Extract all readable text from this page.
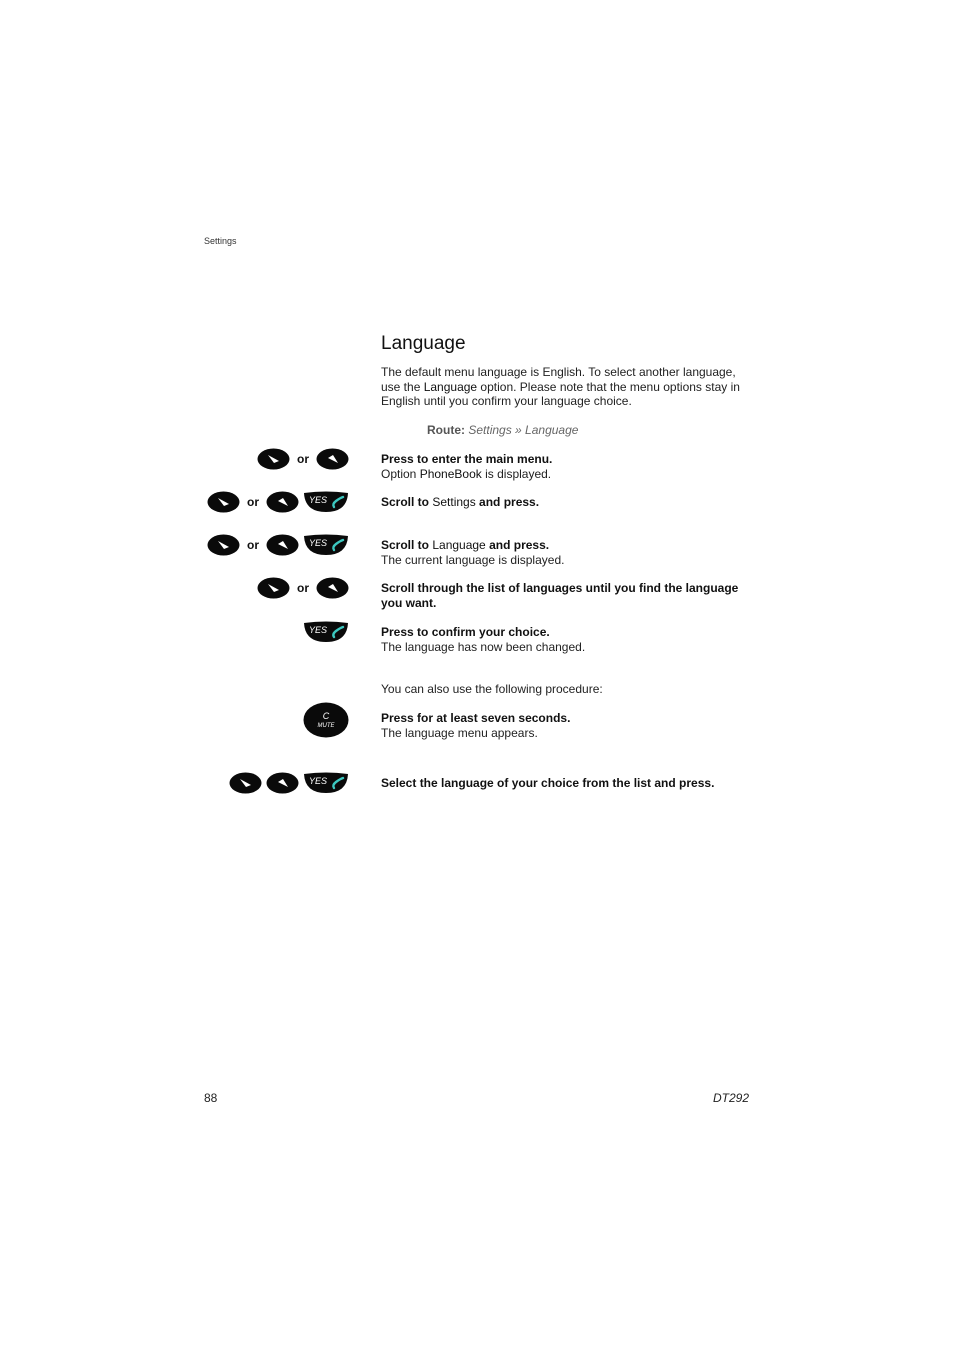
Settings
Language
The default menu language is English. To select another language, use the Language option. Please note that the menu options stay in English until you confirm your language choice.
Route: Settings » Language
or	Press to enter the main menu.
Option PhoneBook is displayed.
or	YES	Scroll to Settings and press.
or	YES	Scroll to Language and press.
The current language is displayed.
or	Scroll through the list of languages until you find the language you want.
YES	Press to confirm your choice.
The language has now been changed.
You can also use the following procedure:
C
MUTE
Press for at least seven seconds.
The language menu appears.
YES	Select the language of your choice from the list and press.
88	DT292
